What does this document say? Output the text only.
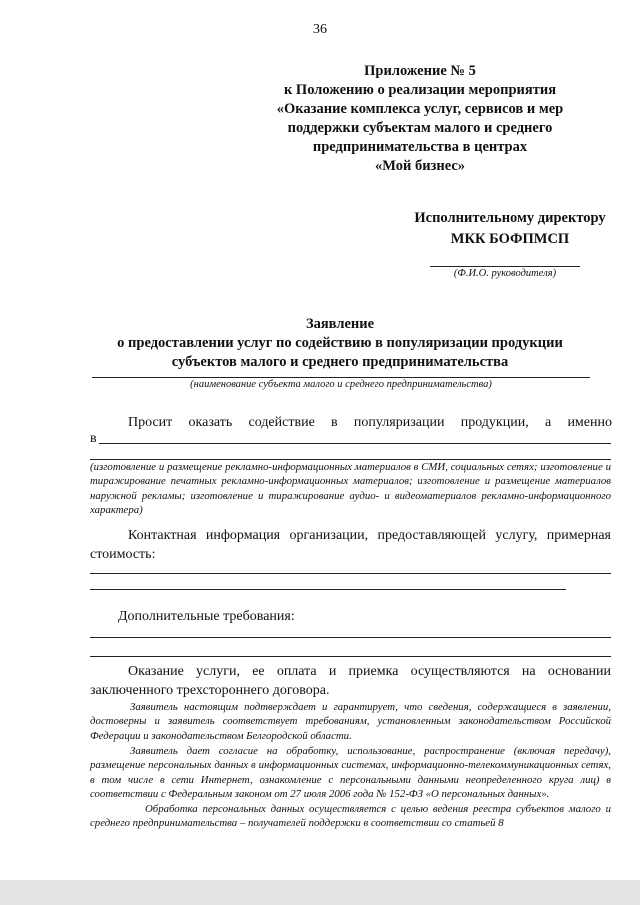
36
Приложение № 5
к Положению о реализации мероприятия
«Оказание комплекса услуг, сервисов и мер
поддержки субъектам малого и среднего
предпринимательства в центрах
«Мой бизнес»
Исполнительному директору
МКК БОФПМСП
(Ф.И.О. руководителя)
Заявление
о предоставлении услуг по содействию в популяризации продукции
субъектов малого и среднего предпринимательства
(наименование субъекта малого и среднего предпринимательства)
Просит оказать содействие в популяризации продукции, а именно
в
(изготовление и размещение рекламно-информационных материалов в СМИ, социальных сетях; изготовление и тиражирование печатных рекламно-информационных материалов; изготовление и размещение материалов наружной рекламы; изготовление и тиражирование аудио- и видеоматериалов рекламно-информационного характера)
Контактная информация организации, предоставляющей услугу, примерная стоимость:
Дополнительные требования:
Оказание услуги, ее оплата и приемка осуществляются на основании заключенного трехстороннего договора.
Заявитель настоящим подтверждает и гарантирует, что сведения, содержащиеся в заявлении, достоверны и заявитель соответствует требованиям, установленным законодательством Российской Федерации и законодательством Белгородской области.
Заявитель дает согласие на обработку, использование, распространение (включая передачу), размещение персональных данных в информационных системах, информационно-телекоммуникационных сетях, в том числе в сети Интернет, ознакомление с персональными данными неопределенного круга лиц) в соответствии с Федеральным законом от 27 июля 2006 года № 152-ФЗ «О персональных данных».
Обработка персональных данных осуществляется с целью ведения реестра субъектов малого и среднего предпринимательства – получателей поддержки в соответствии со статьей 8
